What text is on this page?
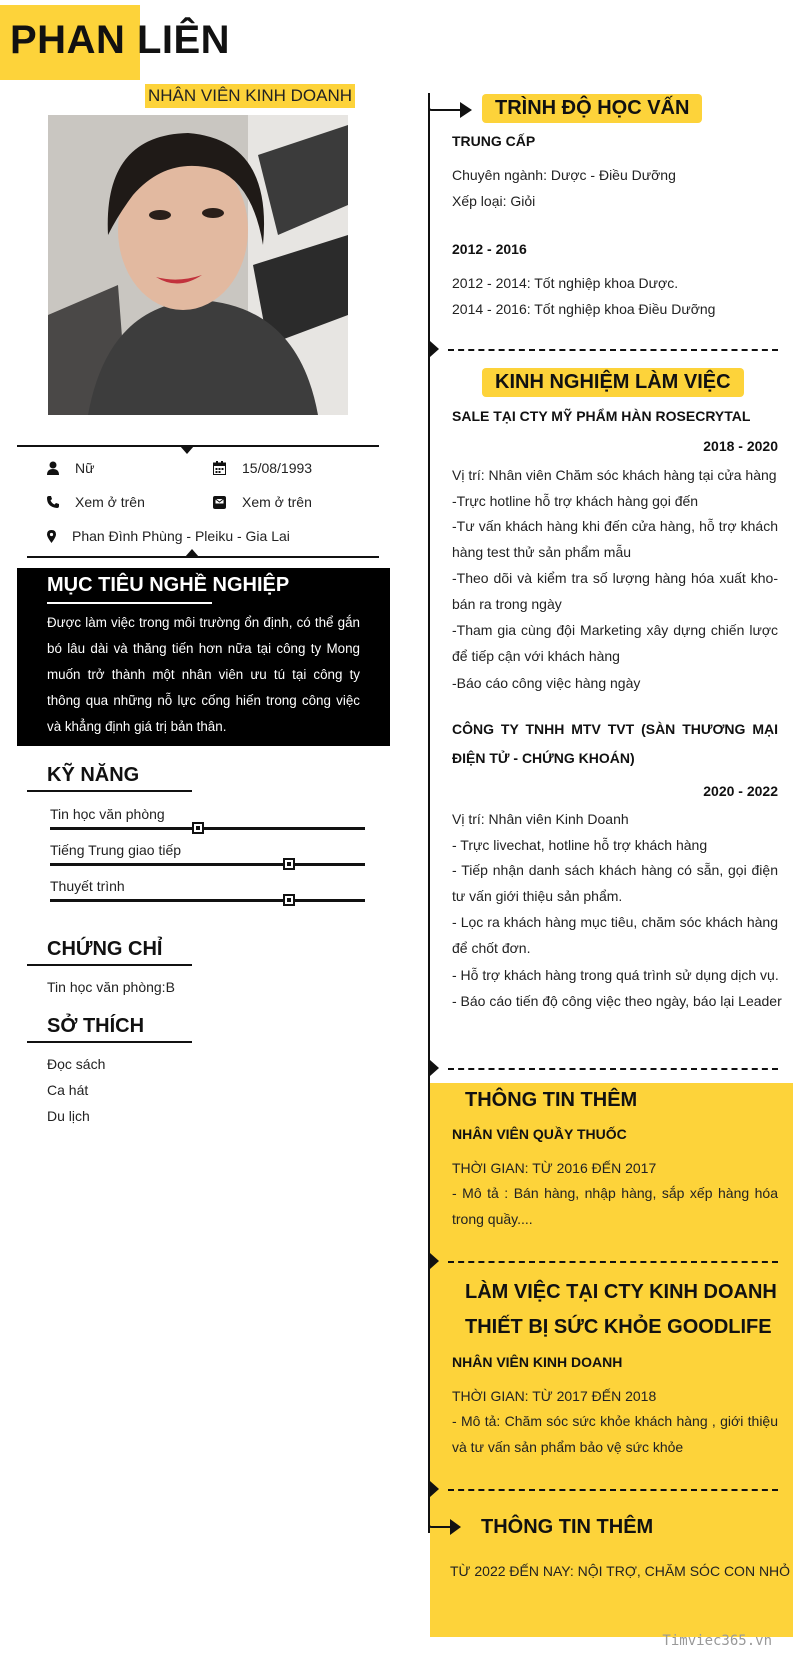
PHAN LIÊN
NHÂN VIÊN KINH DOANH
Nữ	15/08/1993
Xem ở trên	Xem ở trên
Phan Đình Phùng - Pleiku - Gia Lai
MỤC TIÊU NGHỀ NGHIỆP

Được làm việc trong môi trường ổn định, có thể gắn bó lâu dài và thăng tiến hơn nữa tại công ty Mong muốn trở thành một nhân viên ưu tú tại công ty thông qua những nỗ lực cống hiến trong công việc và khẳng định giá trị bản thân.

KỸ NĂNG
Tin học văn phòng
Tiếng Trung giao tiếp
Thuyết trình
CHỨNG CHỈ
Tin học văn phòng:B
SỞ THÍCH
Đọc sách
Ca hát
Du lịch
TRÌNH ĐỘ HỌC VẤN
TRUNG CẤP
Chuyên ngành: Dược - Điều Dưỡng
Xếp loại: Giỏi
2012 - 2016
2012 - 2014: Tốt nghiệp khoa Dược.
2014 - 2016: Tốt nghiệp khoa Điều Dưỡng
KINH NGHIỆM LÀM VIỆC
SALE TẠI CTY MỸ PHẨM HÀN ROSECRYTAL
2018 - 2020
Vị trí: Nhân viên Chăm sóc khách hàng tại cửa hàng
-Trực hotline hỗ trợ khách hàng gọi đến
-Tư vấn khách hàng khi đến cửa hàng, hỗ trợ khách hàng test thử sản phẩm mẫu
-Theo dõi và kiểm tra số lượng hàng hóa xuất kho-bán ra trong ngày
-Tham gia cùng đội Marketing xây dựng chiến lược để tiếp cận với khách hàng
-Báo cáo công việc hàng ngày
CÔNG TY TNHH MTV TVT (SÀN THƯƠNG MẠI ĐIỆN TỬ - CHỨNG KHOÁN)
2020 - 2022
Vị trí: Nhân viên Kinh Doanh
- Trực livechat, hotline hỗ trợ khách hàng
- Tiếp nhận danh sách khách hàng có sẵn, gọi điện tư vấn giới thiệu sản phẩm.
- Lọc ra khách hàng mục tiêu, chăm sóc khách hàng để chốt đơn.
- Hỗ trợ khách hàng trong quá trình sử dụng dịch vụ.
- Báo cáo tiến độ công việc theo ngày, báo lại Leader
THÔNG TIN THÊM
NHÂN VIÊN QUẦY THUỐC
THỜI GIAN: TỪ 2016 ĐẾN 2017
- Mô tả : Bán hàng, nhập hàng, sắp xếp hàng hóa trong quầy....
LÀM VIỆC TẠI CTY KINH DOANH
THIẾT BỊ SỨC KHỎE GOODLIFE
NHÂN VIÊN KINH DOANH
THỜI GIAN: TỪ 2017 ĐẾN 2018
- Mô tả: Chăm sóc sức khỏe khách hàng , giới thiệu và tư vấn sản phẩm bảo vệ sức khỏe
THÔNG TIN THÊM
TỪ 2022 ĐẾN NAY: NỘI TRỢ, CHĂM SÓC CON NHỎ
Timviec365.vn
